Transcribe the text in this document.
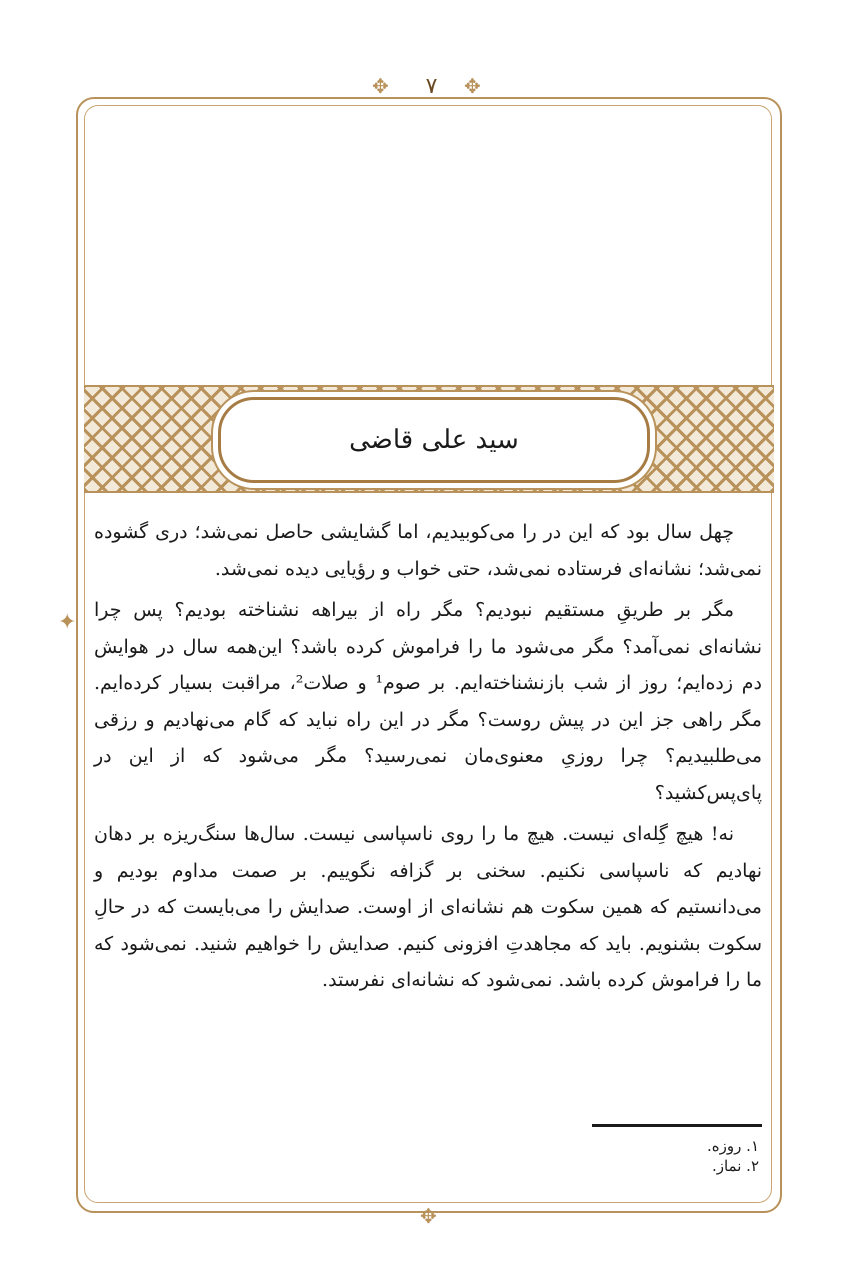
✥	۷	✥
✦
سید علی قاضی

چهل سال بود که این در را می‌کوبیدیم، اما گشایشی حاصل نمی‌شد؛ دری گشوده نمی‌شد؛ نشانه‌ای فرستاده نمی‌شد، حتی خواب و رؤیایی دیده نمی‌شد.

مگر بر طریقِ مستقیم نبودیم؟ مگر راه از بیراهه نشناخته بودیم؟ پس چرا نشانه‌ای نمی‌آمد؟ مگر می‌شود ما را فراموش کرده باشد؟ این‌همه سال در هوایش دم زده‌ایم؛ روز از شب بازنشناخته‌ایم. بر صوم¹ و صلات²، مراقبت بسیار کرده‌ایم. مگر راهی جز این در پیش روست؟ مگر در این راه نباید که گام می‌نهادیم و رزقی می‌طلبیدیم؟ چرا روزیِ معنوی‌مان نمی‌رسید؟ مگر می‌شود که از این در پای‌پس‌کشید؟

نه! هیچ گِله‌ای نیست. هیچ ما را روی ناسپاسی نیست. سال‌ها سنگ‌ریزه بر دهان نهادیم که ناسپاسی نکنیم. سخنی بر گزافه نگوییم. بر صمت مداوم بودیم و می‌دانستیم که همین سکوت هم نشانه‌ای از اوست. صدایش را می‌بایست که در حالِ سکوت بشنویم. باید که مجاهدتِ افزونی کنیم. صدایش را خواهیم شنید. نمی‌شود که ما را فراموش کرده باشد. نمی‌شود که نشانه‌ای نفرستد.

۱. روزه.
۲. نماز.
✥
